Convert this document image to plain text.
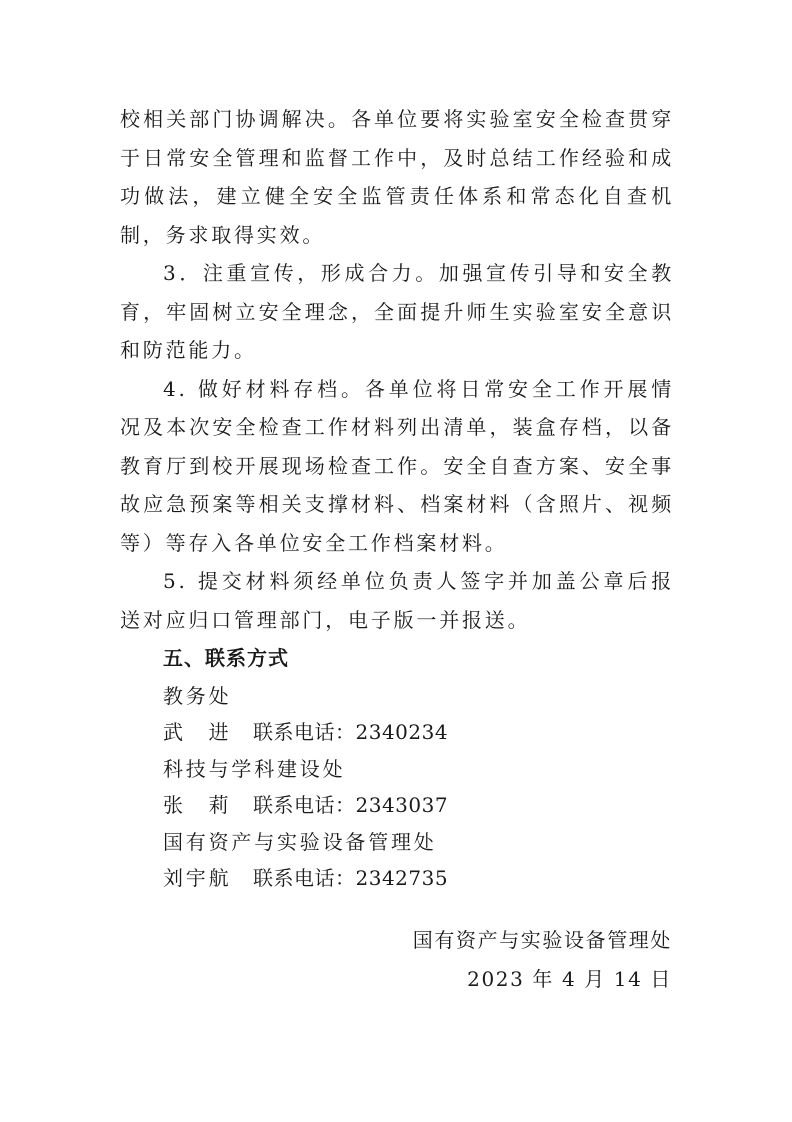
校相关部门协调解决。各单位要将实验室安全检查贯穿于日常安全管理和监督工作中，及时总结工作经验和成功做法，建立健全安全监管责任体系和常态化自查机制，务求取得实效。

3．注重宣传，形成合力。加强宣传引导和安全教育，牢固树立安全理念，全面提升师生实验室安全意识和防范能力。

4. 做好材料存档。各单位将日常安全工作开展情况及本次安全检查工作材料列出清单，装盒存档，以备教育厅到校开展现场检查工作。安全自查方案、安全事故应急预案等相关支撑材料、档案材料（含照片、视频等）等存入各单位安全工作档案材料。

5. 提交材料须经单位负责人签字并加盖公章后报送对应归口管理部门，电子版一并报送。

五、联系方式

教务处

武　进 联系电话：2340234

科技与学科建设处

张　莉 联系电话：2343037

国有资产与实验设备管理处

刘宇航 联系电话：2342735

国有资产与实验设备管理处

2023 年 4 月 14 日
